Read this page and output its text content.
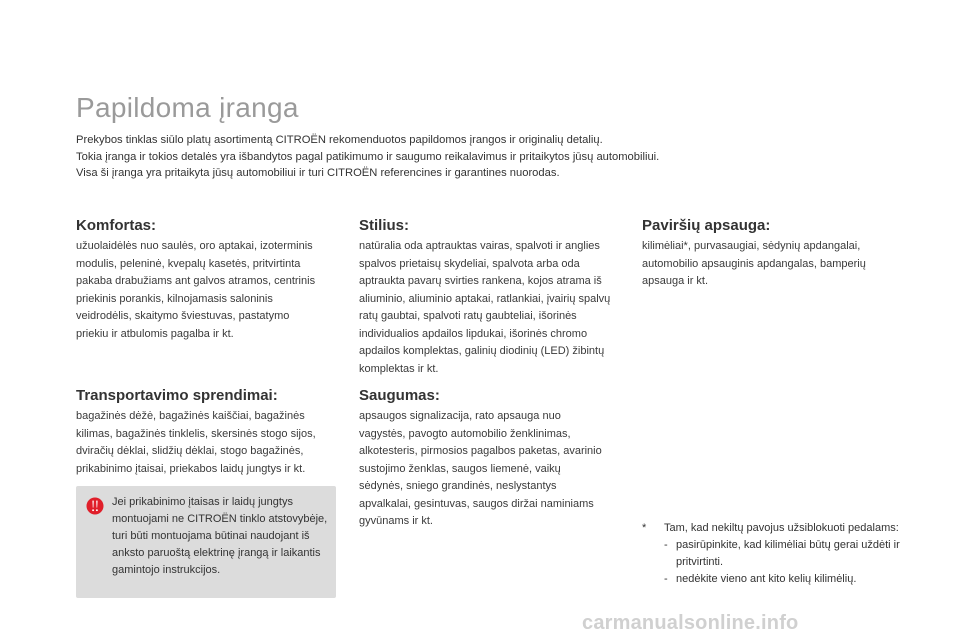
Papildoma įranga

Prekybos tinklas siūlo platų asortimentą CITROËN rekomenduotos papildomos įrangos ir originalių detalių.

Tokia įranga ir tokios detalės yra išbandytos pagal patikimumo ir saugumo reikalavimus ir pritaikytos jūsų automobiliui.

Visa ši įranga yra pritaikyta jūsų automobiliui ir turi CITROËN referencines ir garantines nuorodas.

Komfortas:

užuolaidėlės nuo saulės, oro aptakai, izoterminis modulis, peleninė, kvepalų kasetės, pritvirtinta pakaba drabužiams ant galvos atramos, centrinis priekinis porankis, kilnojamasis saloninis veidrodėlis, skaitymo šviestuvas, pastatymo priekiu ir atbulomis pagalba ir kt.

Transportavimo sprendimai:

bagažinės dėžė, bagažinės kaiščiai, bagažinės kilimas, bagažinės tinklelis, skersinės stogo sijos, dviračių dėklai, slidžių dėklai, stogo bagažinės, prikabinimo įtaisai, priekabos laidų jungtys ir kt.

Jei prikabinimo įtaisas ir laidų jungtys montuojami ne CITROËN tinklo atstovybėje, turi būti montuojama būtinai naudojant iš anksto paruoštą elektrinę įrangą ir laikantis gamintojo instrukcijos.
Stilius:

natūralia oda aptrauktas vairas, spalvoti ir anglies spalvos prietaisų skydeliai, spalvota arba oda aptraukta pavarų svirties rankena, kojos atrama iš aliuminio, aliuminio aptakai, ratlankiai, įvairių spalvų ratų gaubtai, spalvoti ratų gaubteliai, išorinės individualios apdailos lipdukai, išorinės chromo apdailos komplektas, galinių diodinių (LED) žibintų komplektas ir kt.

Saugumas:

apsaugos signalizacija, rato apsauga nuo vagystės, pavogto automobilio ženklinimas, alkotesteris, pirmosios pagalbos paketas, avarinio sustojimo ženklas, saugos liemenė, vaikų sėdynės, sniego grandinės, neslystantys apvalkalai, gesintuvas, saugos diržai naminiams gyvūnams ir kt.

Paviršių apsauga:

kilimėliai*, purvasaugiai, sėdynių apdangalai, automobilio apsauginis apdangalas, bamperių apsauga ir kt.

* Tam, kad nekiltų pavojus užsiblokuoti pedalams:
- pasirūpinkite, kad kilimėliai būtų gerai uždėti ir pritvirtinti.
- nedėkite vieno ant kito kelių kilimėlių.
carmanualsonline.info
